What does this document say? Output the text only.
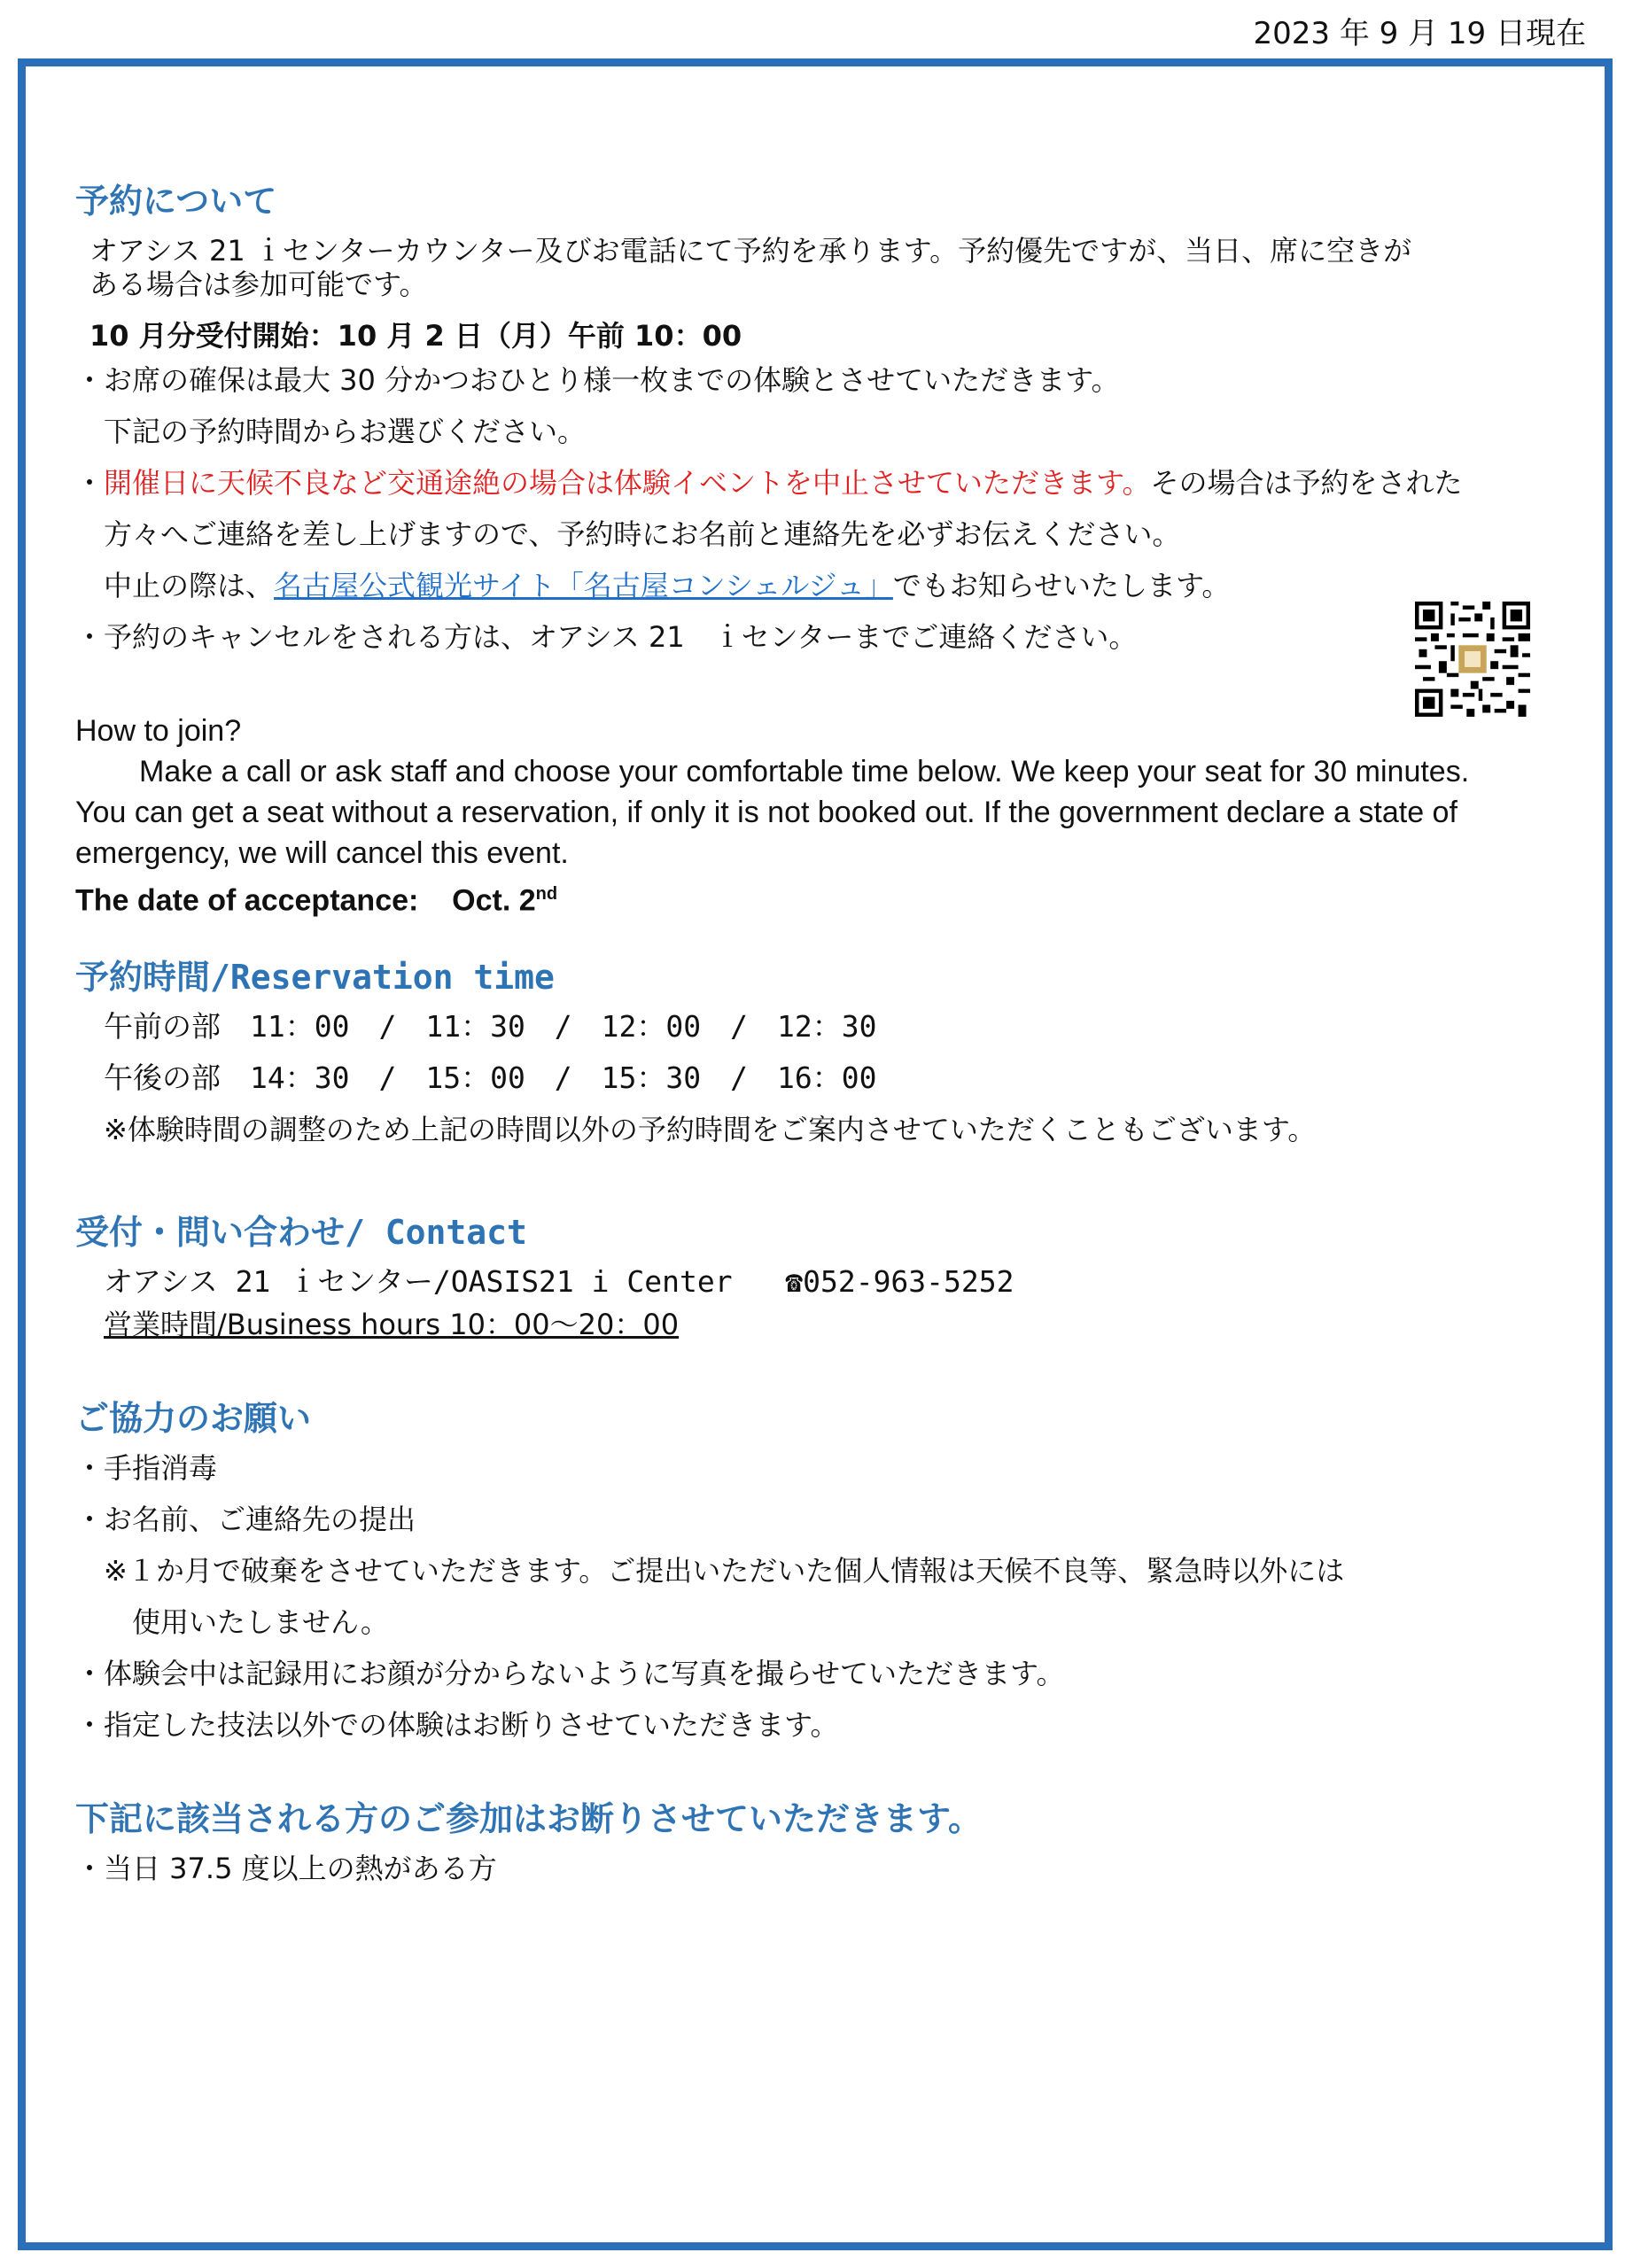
2023 年 9 月 19 日現在
予約について
オアシス 21 ｉセンターカウンター及びお電話にて予約を承ります。予約優先ですが、当日、席に空きが
ある場合は参加可能です。
10 月分受付開始：10 月 2 日（月）午前 10：00
・お席の確保は最大 30 分かつおひとり様一枚までの体験とさせていただきます。
下記の予約時間からお選びください。
・開催日に天候不良など交通途絶の場合は体験イベントを中止させていただきます。その場合は予約をされた
方々へご連絡を差し上げますので、予約時にお名前と連絡先を必ずお伝えください。
中止の際は、名古屋公式観光サイト「名古屋コンシェルジュ」でもお知らせいたします。
・予約のキャンセルをされる方は、オアシス 21　ｉセンターまでご連絡ください。
How to join?
Make a call or ask staff and choose your comfortable time below. We keep your seat for 30 minutes.
You can get a seat without a reservation, if only it is not booked out. If the government declare a state of
emergency, we will cancel this event.
The date of acceptance: Oct. 2nd
予約時間/Reservation time
午前の部　11：00　/　11：30　/　12：00　/　12：30
午後の部　14：30　/　15：00　/　15：30　/　16：00
※体験時間の調整のため上記の時間以外の予約時間をご案内させていただくこともございます。
受付・問い合わせ/ Contact
オアシス 21 ｉセンター/OASIS21 i Center ☎052-963-5252
営業時間/Business hours 10：00～20：00
ご協力のお願い
・手指消毒
・お名前、ご連絡先の提出
※１か月で破棄をさせていただきます。ご提出いただいた個人情報は天候不良等、緊急時以外には
使用いたしません。
・体験会中は記録用にお顔が分からないように写真を撮らせていただきます。
・指定した技法以外での体験はお断りさせていただきます。
下記に該当される方のご参加はお断りさせていただきます。
・当日 37.5 度以上の熱がある方
